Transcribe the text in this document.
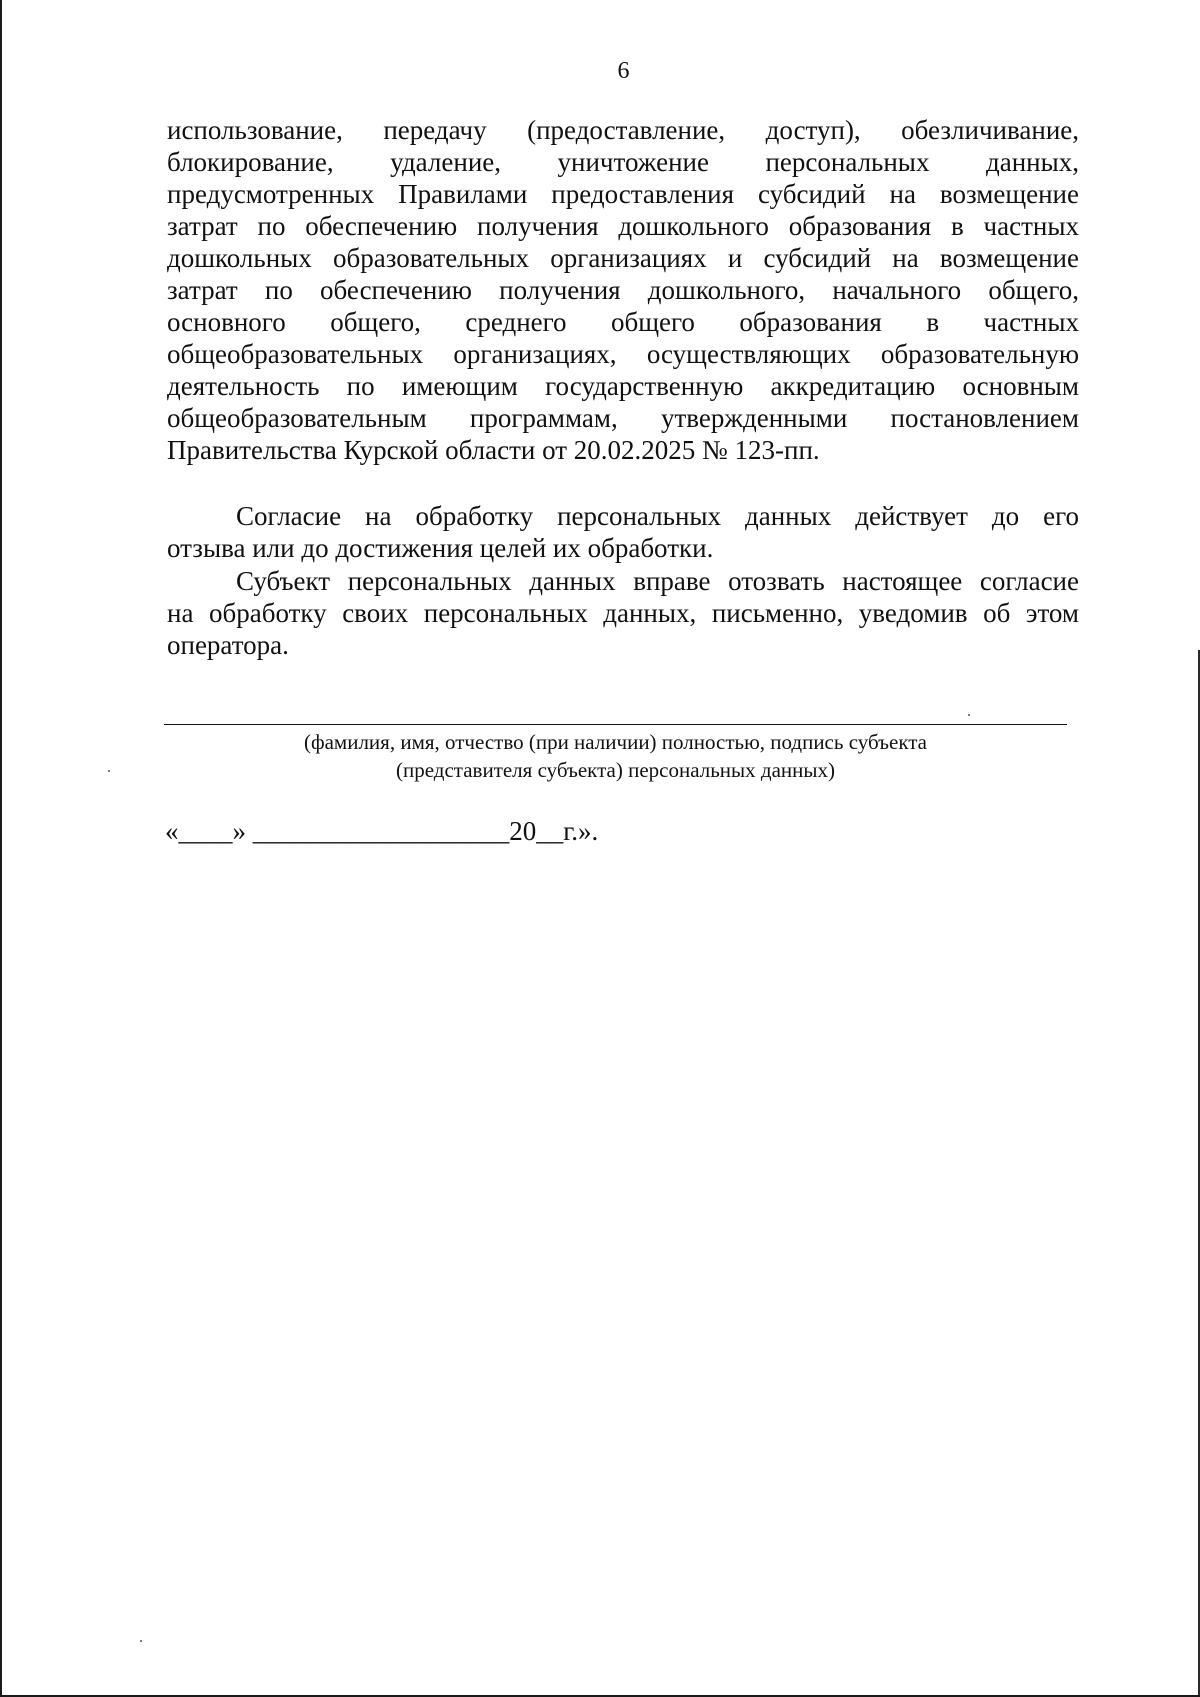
6
использование, передачу (предоставление, доступ), обезличивание,
блокирование, удаление, уничтожение персональных данных,
предусмотренных Правилами предоставления субсидий на возмещение
затрат по обеспечению получения дошкольного образования в частных
дошкольных образовательных организациях и субсидий на возмещение
затрат по обеспечению получения дошкольного, начального общего,
основного общего, среднего общего образования в частных
общеобразовательных организациях, осуществляющих образовательную
деятельность по имеющим государственную аккредитацию основным
общеобразовательным программам, утвержденными постановлением
Правительства Курской области от 20.02.2025 № 123-пп.
Согласие на обработку персональных данных действует до его
отзыва или до достижения целей их обработки.
Субъект персональных данных вправе отозвать настоящее согласие
на обработку своих персональных данных, письменно, уведомив об этом
оператора.
(фамилия, имя, отчество (при наличии) полностью, подпись субъекта
(представителя субъекта) персональных данных)
«____» ___________________20__г.».
